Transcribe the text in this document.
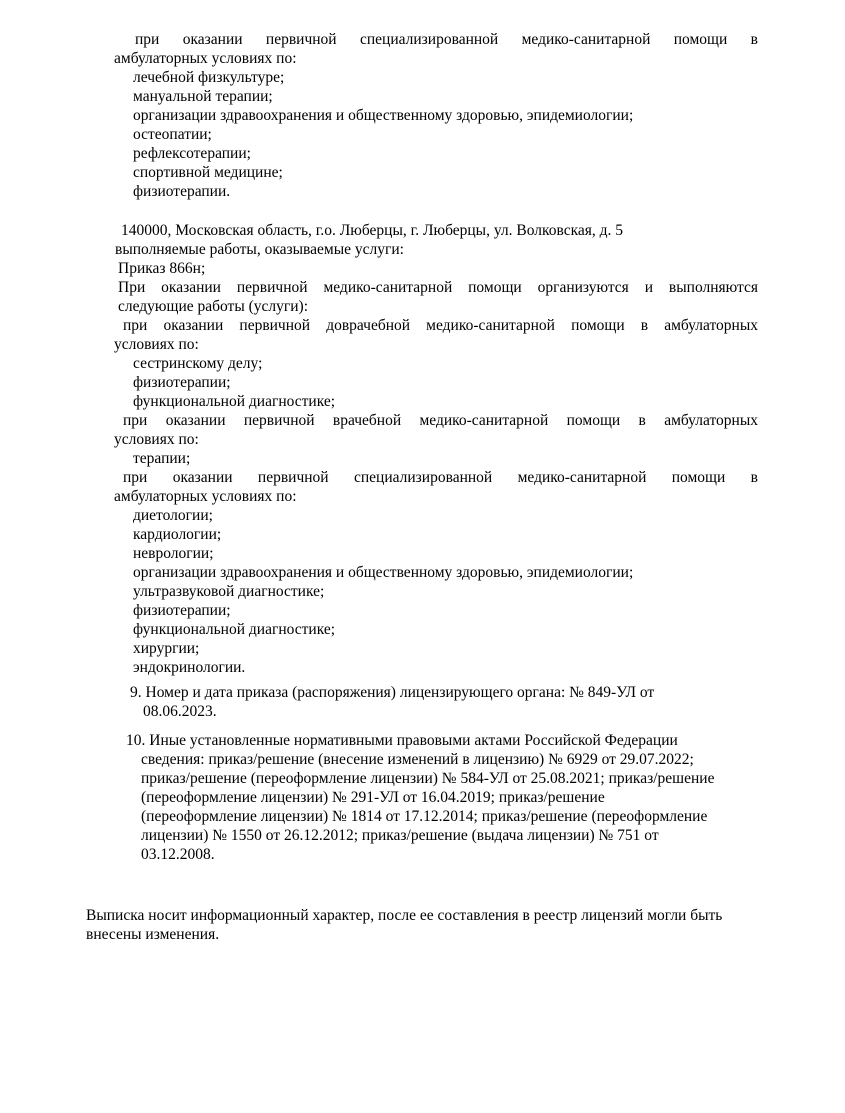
при оказании первичной специализированной медико-санитарной помощи в
амбулаторных условиях по:
лечебной физкультуре;
мануальной терапии;
организации здравоохранения и общественному здоровью, эпидемиологии;
остеопатии;
рефлексотерапии;
спортивной медицине;
физиотерапии.
140000, Московская область, г.о. Люберцы, г. Люберцы, ул. Волковская, д. 5
выполняемые работы, оказываемые услуги:
Приказ 866н;
При оказании первичной медико-санитарной помощи организуются и выполняются
следующие работы (услуги):
при оказании первичной доврачебной медико-санитарной помощи в амбулаторных
условиях по:
сестринскому делу;
физиотерапии;
функциональной диагностике;
при оказании первичной врачебной медико-санитарной помощи в амбулаторных
условиях по:
терапии;
при оказании первичной специализированной медико-санитарной помощи в
амбулаторных условиях по:
диетологии;
кардиологии;
неврологии;
организации здравоохранения и общественному здоровью, эпидемиологии;
ультразвуковой диагностике;
физиотерапии;
функциональной диагностике;
хирургии;
эндокринологии.
9. Номер и дата приказа (распоряжения) лицензирующего органа: № 849-УЛ от
08.06.2023.
10. Иные установленные нормативными правовыми актами Российской Федерации
сведения: приказ/решение (внесение изменений в лицензию) № 6929 от 29.07.2022;
приказ/решение (переоформление лицензии) № 584-УЛ от 25.08.2021; приказ/решение
(переоформление лицензии) № 291-УЛ от 16.04.2019; приказ/решение
(переоформление лицензии) № 1814 от 17.12.2014; приказ/решение (переоформление
лицензии) № 1550 от 26.12.2012; приказ/решение (выдача лицензии) № 751 от
03.12.2008.
Выписка носит информационный характер, после ее составления в реестр лицензий могли быть
внесены изменения.
